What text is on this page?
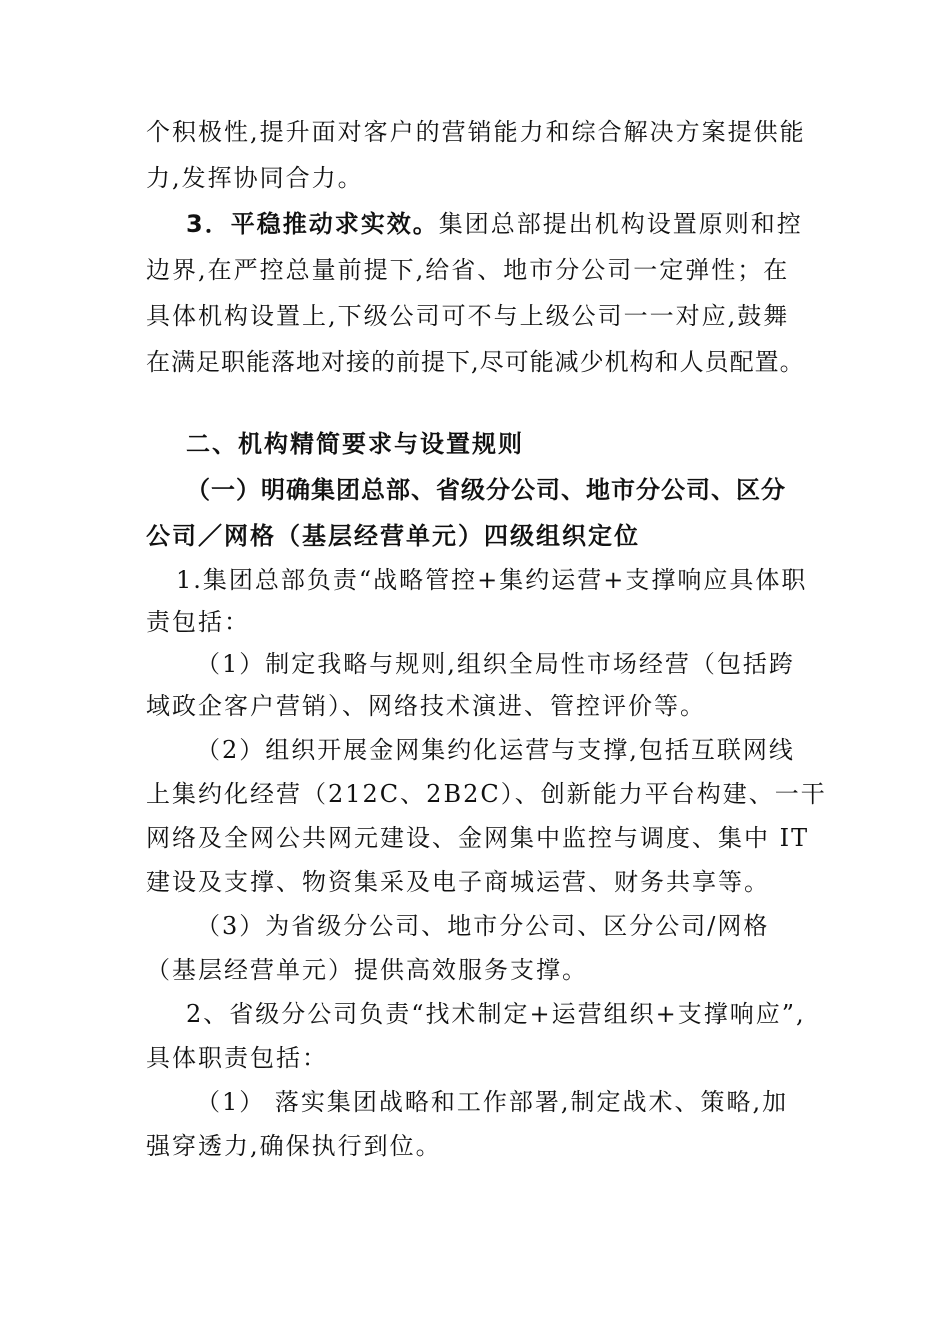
个积极性,提升面对客户的营销能力和综合解决方案提供能
力,发挥协同合力。
3．平稳推动求实效。集团总部提出机构设置原则和控
边界,在严控总量前提下,给省、地市分公司一定弹性；在
具体机构设置上,下级公司可不与上级公司一一对应,鼓舞
在满足职能落地对接的前提下,尽可能减少机构和人员配置。
二、机构精简要求与设置规则
（一）明确集团总部、省级分公司、地市分公司、区分
公司／网格（基层经营单元）四级组织定位
1.集团总部负责“战略管控+集约运营+支撑响应具体职
责包括：
（1）制定我略与规则,组织全局性市场经营（包括跨
域政企客户营销）、网络技术演进、管控评价等。
（2）组织开展金网集约化运营与支撑,包括互联网线
上集约化经营（212C、2B2C）、创新能力平台构建、一干
网络及全网公共网元建设、金网集中监控与调度、集中 IT
建设及支撑、物资集采及电子商城运营、财务共享等。
（3）为省级分公司、地市分公司、区分公司/网格
（基层经营单元）提供高效服务支撑。
2、省级分公司负责“找术制定+运营组织+支撑响应”,
具体职责包括：
（1） 落实集团战略和工作部署,制定战术、策略,加
强穿透力,确保执行到位。
